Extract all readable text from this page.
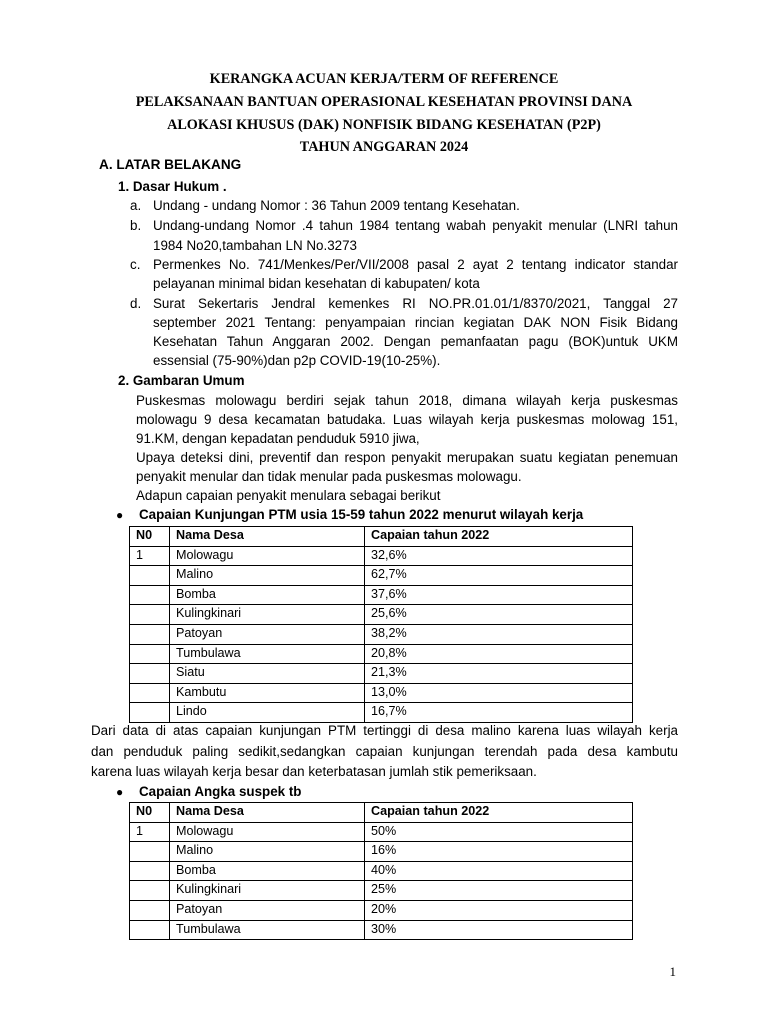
KERANGKA ACUAN KERJA/TERM OF REFERENCE
PELAKSANAAN BANTUAN OPERASIONAL KESEHATAN PROVINSI DANA
ALOKASI KHUSUS (DAK) NONFISIK BIDANG KESEHATAN (P2P)
TAHUN ANGGARAN 2024
A. LATAR BELAKANG
1. Dasar Hukum .
a. Undang - undang Nomor : 36 Tahun 2009 tentang Kesehatan.
b. Undang-undang Nomor .4 tahun 1984 tentang wabah penyakit menular (LNRI tahun
1984 No20,tambahan LN No.3273
c. Permenkes No. 741/Menkes/Per/VII/2008 pasal 2 ayat 2 tentang indicator standar
pelayanan minimal bidan kesehatan di kabupaten/ kota
d. Surat Sekertaris Jendral kemenkes RI NO.PR.01.01/1/8370/2021, Tanggal 27
september 2021 Tentang: penyampaian rincian kegiatan DAK NON Fisik Bidang
Kesehatan Tahun Anggaran 2002. Dengan pemanfaatan pagu (BOK)untuk UKM
essensial (75-90%)dan p2p COVID-19(10-25%).
2. Gambaran Umum
Puskesmas molowagu berdiri sejak tahun 2018, dimana wilayah kerja puskesmas
molowagu 9 desa kecamatan batudaka. Luas wilayah kerja puskesmas molowag 151,
91.KM, dengan kepadatan penduduk 5910 jiwa,
Upaya deteksi dini, preventif dan respon penyakit merupakan suatu kegiatan penemuan
penyakit menular dan tidak menular pada puskesmas molowagu.
Adapun capaian penyakit menulara sebagai berikut
● Capaian Kunjungan PTM usia 15-59 tahun 2022 menurut wilayah kerja
N0	Nama Desa	Capaian tahun 2022
1	Molowagu	32,6%
	Malino	62,7%
	Bomba	37,6%
	Kulingkinari	25,6%
	Patoyan	38,2%
	Tumbulawa	20,8%
	Siatu	21,3%
	Kambutu	13,0%
	Lindo	16,7%
Dari data di atas capaian kunjungan PTM tertinggi di desa malino karena luas wilayah kerja
dan penduduk paling sedikit,sedangkan capaian kunjungan terendah pada desa kambutu
karena luas wilayah kerja besar dan keterbatasan jumlah stik pemeriksaan.
● Capaian Angka suspek tb
N0	Nama Desa	Capaian tahun 2022
1	Molowagu	50%
	Malino	16%
	Bomba	40%
	Kulingkinari	25%
	Patoyan	20%
	Tumbulawa	30%
1
